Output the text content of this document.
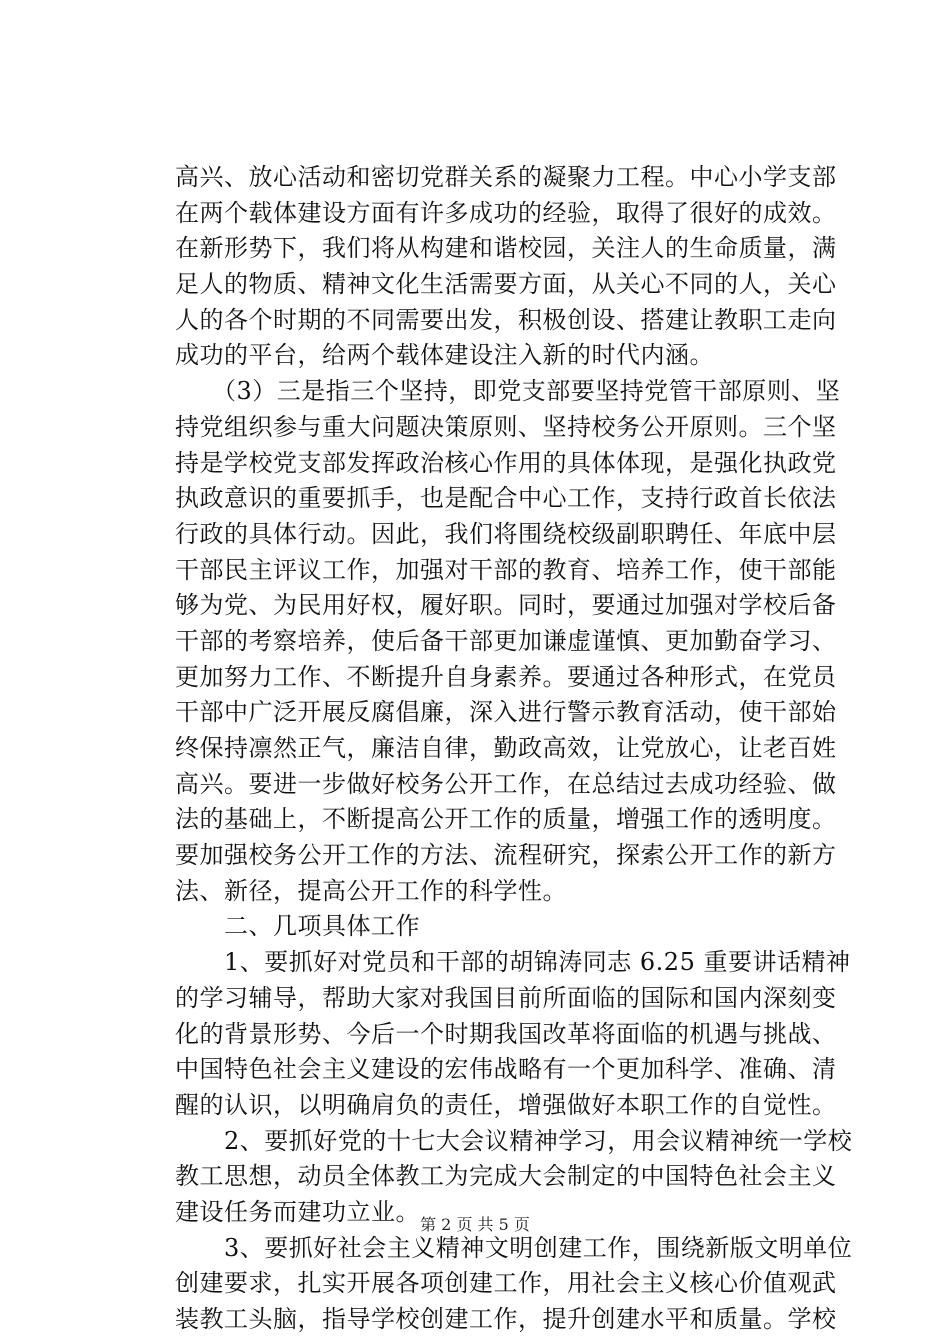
高兴、放心活动和密切党群关系的凝聚力工程。中心小学支部
在两个载体建设方面有许多成功的经验，取得了很好的成效。
在新形势下，我们将从构建和谐校园，关注人的生命质量，满
足人的物质、精神文化生活需要方面，从关心不同的人，关心
人的各个时期的不同需要出发，积极创设、搭建让教职工走向
成功的平台，给两个载体建设注入新的时代内涵。
　　（3）三是指三个坚持，即党支部要坚持党管干部原则、坚
持党组织参与重大问题决策原则、坚持校务公开原则。三个坚
持是学校党支部发挥政治核心作用的具体体现，是强化执政党
执政意识的重要抓手，也是配合中心工作，支持行政首长依法
行政的具体行动。因此，我们将围绕校级副职聘任、年底中层
干部民主评议工作，加强对干部的教育、培养工作，使干部能
够为党、为民用好权，履好职。同时，要通过加强对学校后备
干部的考察培养，使后备干部更加谦虚谨慎、更加勤奋学习、
更加努力工作、不断提升自身素养。要通过各种形式，在党员
干部中广泛开展反腐倡廉，深入进行警示教育活动，使干部始
终保持凛然正气，廉洁自律，勤政高效，让党放心，让老百姓
高兴。要进一步做好校务公开工作，在总结过去成功经验、做
法的基础上，不断提高公开工作的质量，增强工作的透明度。
要加强校务公开工作的方法、流程研究，探索公开工作的新方
法、新径，提高公开工作的科学性。
　　二、几项具体工作
　　1、要抓好对党员和干部的胡锦涛同志 6.25 重要讲话精神
的学习辅导，帮助大家对我国目前所面临的国际和国内深刻变
化的背景形势、今后一个时期我国改革将面临的机遇与挑战、
中国特色社会主义建设的宏伟战略有一个更加科学、准确、清
醒的认识，以明确肩负的责任，增强做好本职工作的自觉性。
　　2、要抓好党的十七大会议精神学习，用会议精神统一学校
教工思想，动员全体教工为完成大会制定的中国特色社会主义
建设任务而建功立业。
　　3、要抓好社会主义精神文明创建工作，围绕新版文明单位
创建要求，扎实开展各项创建工作，用社会主义核心价值观武
装教工头脑，指导学校创建工作，提升创建水平和质量。学校
第 2 页 共 5 页
